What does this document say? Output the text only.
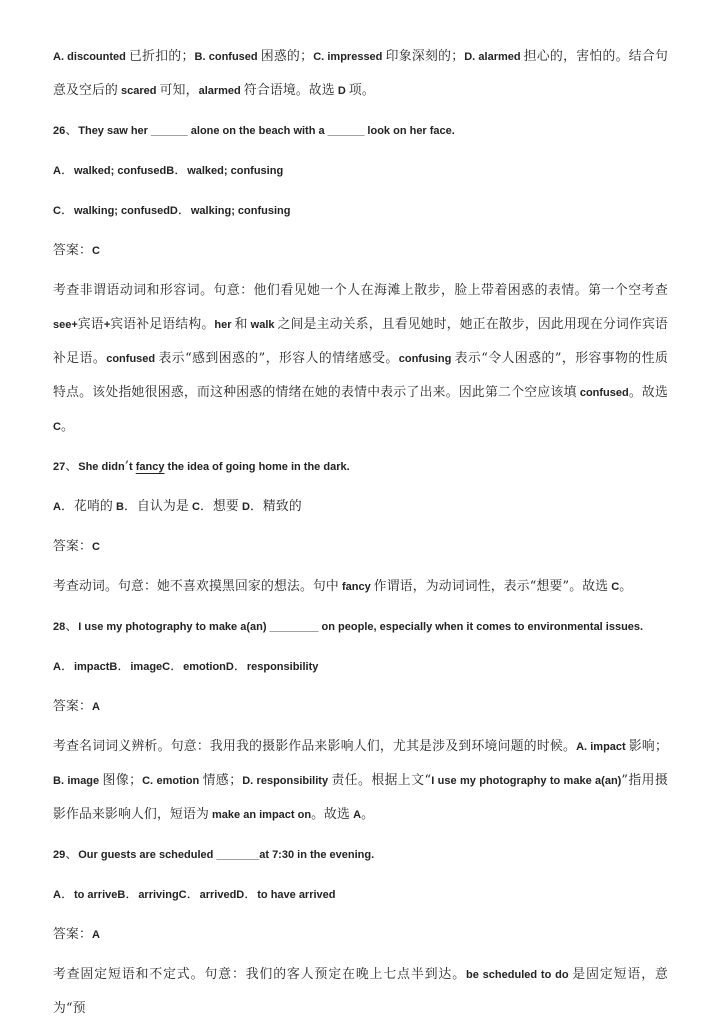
A. discounted 已折扣的；B. confused 困惑的；C. impressed 印象深刻的；D. alarmed 担心的，害怕的。结合句意及空后的 scared 可知，alarmed 符合语境。故选 D 项。

26、They saw her ______ alone on the beach with a ______ look on her face.

A．walked; confusedB．walked; confusing

C．walking; confusedD．walking; confusing

答案：C

考查非谓语动词和形容词。句意：他们看见她一个人在海滩上散步，脸上带着困惑的表情。第一个空考查 see+宾语+宾语补足语结构。her 和 walk 之间是主动关系，且看见她时，她正在散步，因此用现在分词作宾语补足语。confused 表示“感到困惑的”，形容人的情绪感受。confusing 表示“令人困惑的”，形容事物的性质特点。该处指她很困惑，而这种困惑的情绪在她的表情中表示了出来。因此第二个空应该填 confused。故选 C。

27、She didn’t fancy the idea of going home in the dark.

A．花哨的 B．自认为是 C．想要 D．精致的

答案：C

考查动词。句意：她不喜欢摸黑回家的想法。句中 fancy 作谓语，为动词词性，表示“想要”。故选 C。

28、I use my photography to make a(an) ________ on people, especially when it comes to environmental issues.

A．impactB．imageC．emotionD．responsibility

答案：A

考查名词词义辨析。句意：我用我的摄影作品来影响人们，尤其是涉及到环境问题的时候。A. impact 影响；B. image 图像；C. emotion 情感；D. responsibility 责任。根据上文“I use my photography to make a(an)”指用摄影作品来影响人们，短语为 make an impact on。故选 A。

29、Our guests are scheduled _______at 7:30 in the evening.

A．to arriveB．arrivingC．arrivedD．to have arrived

答案：A

考查固定短语和不定式。句意：我们的客人预定在晚上七点半到达。be scheduled to do 是固定短语，意为“预
